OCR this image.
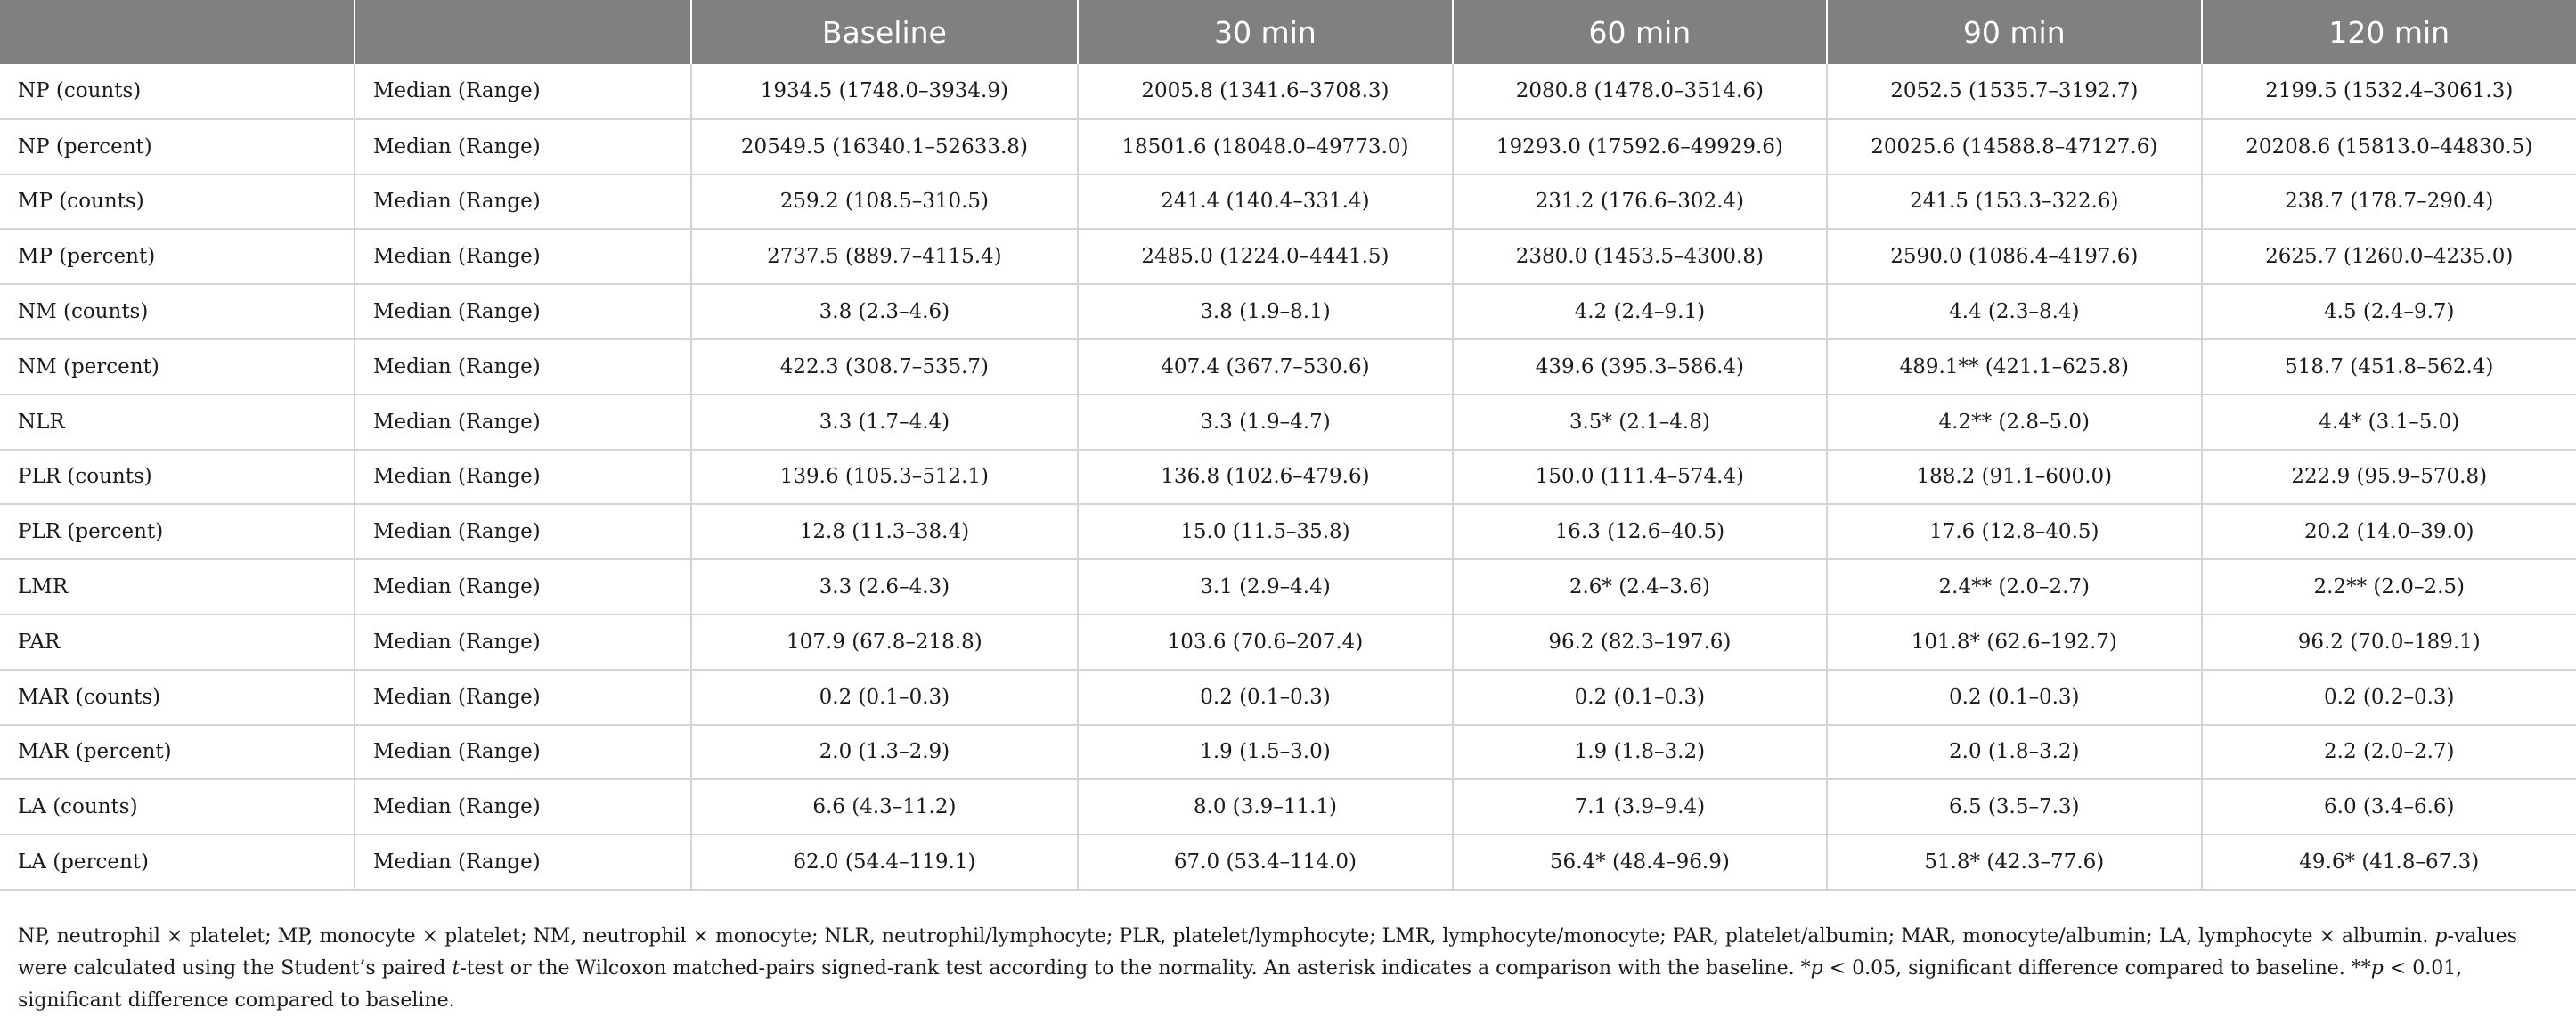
		Baseline	30 min	60 min	90 min	120 min
NP (counts)	Median (Range)	1934.5 (1748.0–3934.9)	2005.8 (1341.6–3708.3)	2080.8 (1478.0–3514.6)	2052.5 (1535.7–3192.7)	2199.5 (1532.4–3061.3)
NP (percent)	Median (Range)	20549.5 (16340.1–52633.8)	18501.6 (18048.0–49773.0)	19293.0 (17592.6–49929.6)	20025.6 (14588.8–47127.6)	20208.6 (15813.0–44830.5)
MP (counts)	Median (Range)	259.2 (108.5–310.5)	241.4 (140.4–331.4)	231.2 (176.6–302.4)	241.5 (153.3–322.6)	238.7 (178.7–290.4)
MP (percent)	Median (Range)	2737.5 (889.7–4115.4)	2485.0 (1224.0–4441.5)	2380.0 (1453.5–4300.8)	2590.0 (1086.4–4197.6)	2625.7 (1260.0–4235.0)
NM (counts)	Median (Range)	3.8 (2.3–4.6)	3.8 (1.9–8.1)	4.2 (2.4–9.1)	4.4 (2.3–8.4)	4.5 (2.4–9.7)
NM (percent)	Median (Range)	422.3 (308.7–535.7)	407.4 (367.7–530.6)	439.6 (395.3–586.4)	489.1** (421.1–625.8)	518.7 (451.8–562.4)
NLR	Median (Range)	3.3 (1.7–4.4)	3.3 (1.9–4.7)	3.5* (2.1–4.8)	4.2** (2.8–5.0)	4.4* (3.1–5.0)
PLR (counts)	Median (Range)	139.6 (105.3–512.1)	136.8 (102.6–479.6)	150.0 (111.4–574.4)	188.2 (91.1–600.0)	222.9 (95.9–570.8)
PLR (percent)	Median (Range)	12.8 (11.3–38.4)	15.0 (11.5–35.8)	16.3 (12.6–40.5)	17.6 (12.8–40.5)	20.2 (14.0–39.0)
LMR	Median (Range)	3.3 (2.6–4.3)	3.1 (2.9–4.4)	2.6* (2.4–3.6)	2.4** (2.0–2.7)	2.2** (2.0–2.5)
PAR	Median (Range)	107.9 (67.8–218.8)	103.6 (70.6–207.4)	96.2 (82.3–197.6)	101.8* (62.6–192.7)	96.2 (70.0–189.1)
MAR (counts)	Median (Range)	0.2 (0.1–0.3)	0.2 (0.1–0.3)	0.2 (0.1–0.3)	0.2 (0.1–0.3)	0.2 (0.2–0.3)
MAR (percent)	Median (Range)	2.0 (1.3–2.9)	1.9 (1.5–3.0)	1.9 (1.8–3.2)	2.0 (1.8–3.2)	2.2 (2.0–2.7)
LA (counts)	Median (Range)	6.6 (4.3–11.2)	8.0 (3.9–11.1)	7.1 (3.9–9.4)	6.5 (3.5–7.3)	6.0 (3.4–6.6)
LA (percent)	Median (Range)	62.0 (54.4–119.1)	67.0 (53.4–114.0)	56.4* (48.4–96.9)	51.8* (42.3–77.6)	49.6* (41.8–67.3)
NP, neutrophil × platelet; MP, monocyte × platelet; NM, neutrophil × monocyte; NLR, neutrophil/lymphocyte; PLR, platelet/lymphocyte; LMR, lymphocyte/monocyte; PAR, platelet/albumin; MAR, monocyte/albumin; LA, lymphocyte × albumin. p-values were calculated using the Student’s paired t-test or the Wilcoxon matched-pairs signed-rank test according to the normality. An asterisk indicates a comparison with the baseline. *p < 0.05, significant difference compared to baseline. **p < 0.01, significant difference compared to baseline.
